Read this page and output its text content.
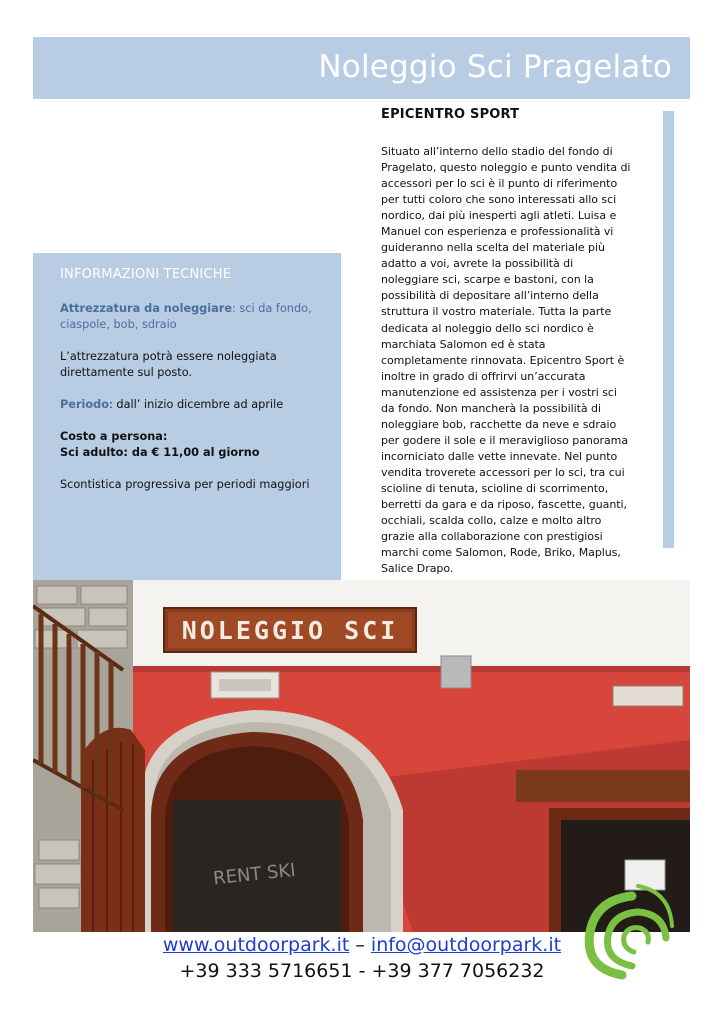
Noleggio Sci Pragelato
EPICENTRO SPORT
Situato all’interno dello stadio del fondo di Pragelato, questo noleggio e punto vendita di accessori per lo sci è il punto di riferimento per tutti coloro che sono interessati allo sci nordico, dai più inesperti agli atleti. Luisa e Manuel con esperienza e professionalità vi guideranno nella scelta del materiale più adatto a voi, avrete la possibilità di noleggiare sci, scarpe e bastoni, con la possibilità di depositare all’interno della struttura il vostro materiale. Tutta la parte dedicata al noleggio dello sci nordico è marchiata Salomon ed è stata completamente rinnovata. Epicentro Sport è inoltre in grado di offrirvi un’accurata manutenzione ed assistenza per i vostri sci da fondo. Non mancherà la possibilità di noleggiare bob, racchette da neve e sdraio per godere il sole e il meraviglioso panorama incorniciato dalle vette innevate. Nel punto vendita troverete accessori per lo sci, tra cui scioline di tenuta, scioline di scorrimento, berretti da gara e da riposo, fascette, guanti, occhiali, scalda collo, calze e molto altro grazie alla collaborazione con prestigiosi marchi come Salomon, Rode, Briko, Maplus, Salice Drapo.
INFORMAZIONI TECNICHE

Attrezzatura da noleggiare: sci da fondo, ciaspole, bob, sdraio

L’attrezzatura potrà essere noleggiata direttamente sul posto.

Periodo: dall’ inizio dicembre ad aprile

Costo a persona:
Sci adulto: da € 11,00 al giorno

Scontistica progressiva per periodi maggiori

NOLEGGIO SCI
RENT SKI
www.outdoorpark.it – info@outdoorpark.it
+39 333 5716651 - +39 377 7056232
